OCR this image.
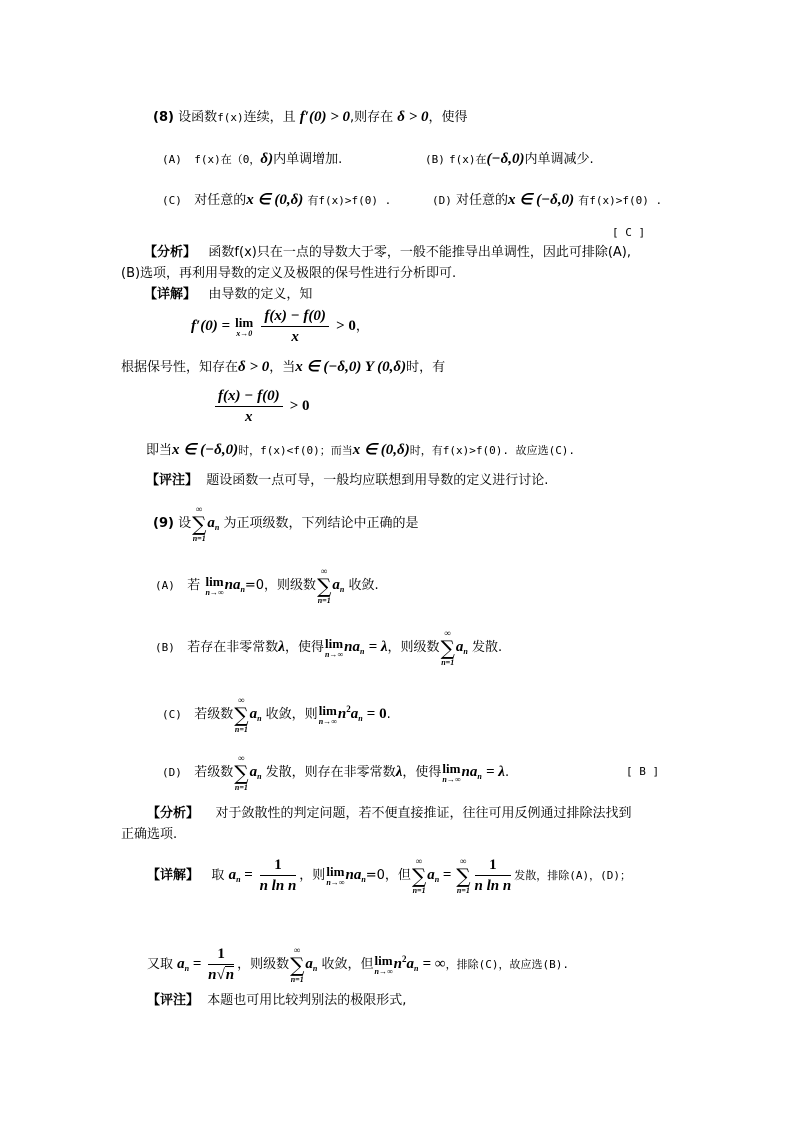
(8) 设函数f(x)连续，且 f′(0) > 0,则存在 δ > 0，使得
(A) f(x)在（0，δ)内单调增加.	(B) f(x)在(−δ,0)内单调减少.
(C) 对任意的x ∈ (0,δ) 有f(x)>f(0) .	(D) 对任意的x ∈ (−δ,0) 有f(x)>f(0) .
[ C ]
【分析】 函数f(x)只在一点的导数大于零，一般不能推导出单调性，因此可排除(A),
(B)选项，再利用导数的定义及极限的保号性进行分析即可.
【详解】 由导数的定义，知
f′(0) = lim
x→0
$\frac{f(x) - f(0)}{x} > 0$，
根据保号性，知存在δ > 0，当x ∈ (−δ,0) Y (0,δ)时，有
$\frac{f(x) - f(0)}{x} > 0$
即当x ∈ (−δ,0)时，f(x)<f(0)；而当x ∈ (0,δ)时，有f(x)>f(0). 故应选(C).
【评注】 题设函数一点可导，一般均应联想到用导数的定义进行讨论.
(9) 设
∞
∑
n=1
$a_n$ 为正项级数，下列结论中正确的是
(A) 若 lim
n→∞ $na_n=0$，则级数
∞
∑
n=1
$a_n$ 收敛.
(B) 若存在非零常数λ，使得 lim
n→∞ $na_n = \lambda$，则级数
∞
∑
n=1
$a_n$ 发散.
(C) 若级数
∞
∑
n=1
$a_n$ 收敛，则 lim
n→∞ $n^2a_n = 0$.
(D) 若级数
∞
∑
n=1
$a_n$ 发散，则存在非零常数λ，使得 lim
n→∞ $na_n = \lambda$.	[ B ]
【分析】 对于敛散性的判定问题，若不便直接推证，往往可用反例通过排除法找到
正确选项.
【详解】 取 $a_n = \frac{1}{\text{n ln n}}$ ，则 lim
n→∞ $na_n=0$，但
∞
∑
n=1
$a_n$ =
∞
∑
$n=1 \frac{1}{\text{n ln n}}$ 发散，排除(A)，(D)；
又取 $a_n = \frac{1}{n√n}$ ，则级数
∞
∑
n=1
$a_n$ 收敛，但 lim
n→∞ $n^2a_n$ = ∞，排除(C)，故应选(B).
【评注】 本题也可用比较判别法的极限形式,
